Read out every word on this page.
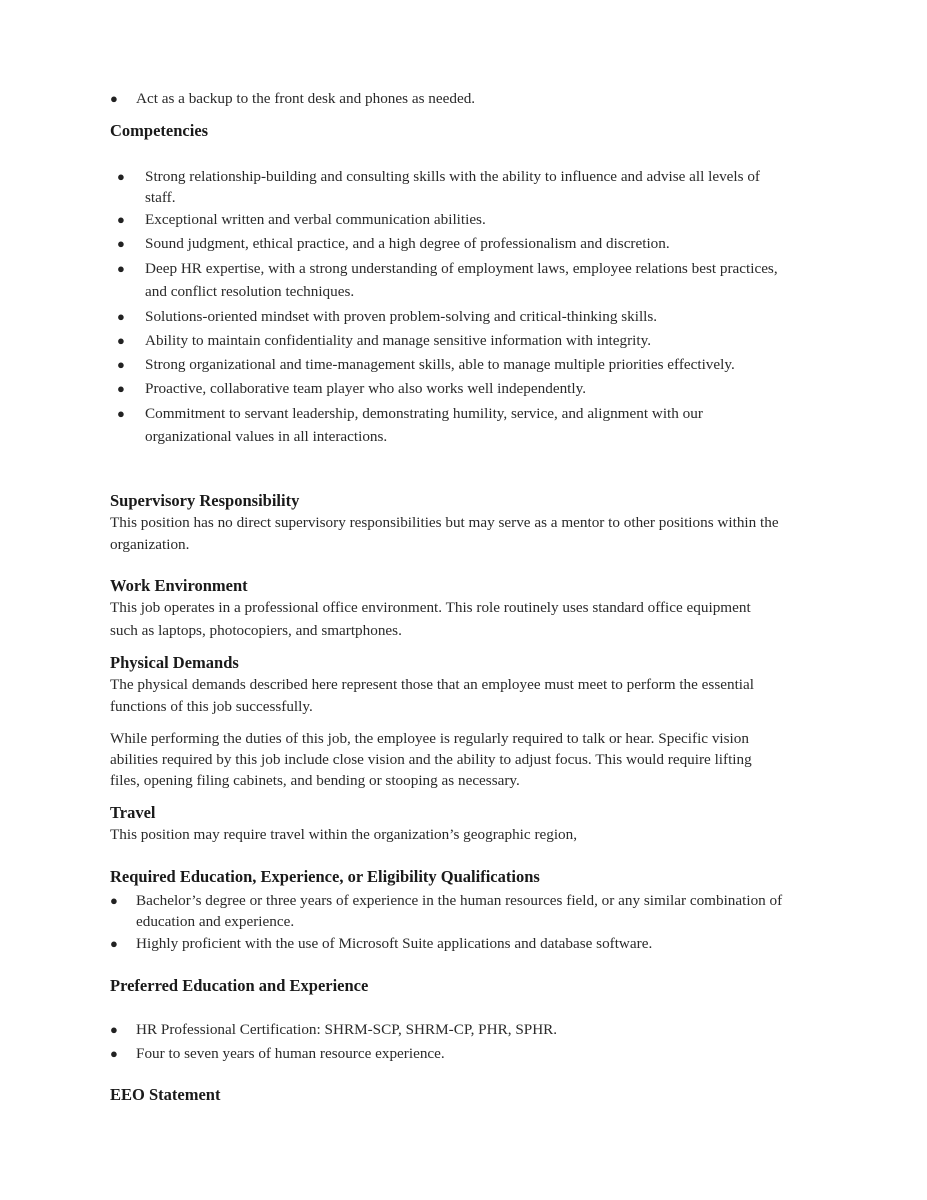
● Act as a backup to the front desk and phones as needed.
Competencies
● Strong relationship-building and consulting skills with the ability to influence and advise all levels of
staff.
● Exceptional written and verbal communication abilities.
● Sound judgment, ethical practice, and a high degree of professionalism and discretion.
● Deep HR expertise, with a strong understanding of employment laws, employee relations best practices,
and conflict resolution techniques.
● Solutions-oriented mindset with proven problem-solving and critical-thinking skills.
● Ability to maintain confidentiality and manage sensitive information with integrity.
● Strong organizational and time-management skills, able to manage multiple priorities effectively.
● Proactive, collaborative team player who also works well independently.
● Commitment to servant leadership, demonstrating humility, service, and alignment with our
organizational values in all interactions.
Supervisory Responsibility
This position has no direct supervisory responsibilities but may serve as a mentor to other positions within the
organization.
Work Environment
This job operates in a professional office environment. This role routinely uses standard office equipment
such as laptops, photocopiers, and smartphones.
Physical Demands
The physical demands described here represent those that an employee must meet to perform the essential
functions of this job successfully.
While performing the duties of this job, the employee is regularly required to talk or hear. Specific vision
abilities required by this job include close vision and the ability to adjust focus. This would require lifting
files, opening filing cabinets, and bending or stooping as necessary.
Travel
This position may require travel within the organization’s geographic region,
Required Education, Experience, or Eligibility Qualifications
● Bachelor’s degree or three years of experience in the human resources field, or any similar combination of
education and experience.
● Highly proficient with the use of Microsoft Suite applications and database software.
Preferred Education and Experience
● HR Professional Certification: SHRM-SCP, SHRM-CP, PHR, SPHR.
● Four to seven years of human resource experience.
EEO Statement
